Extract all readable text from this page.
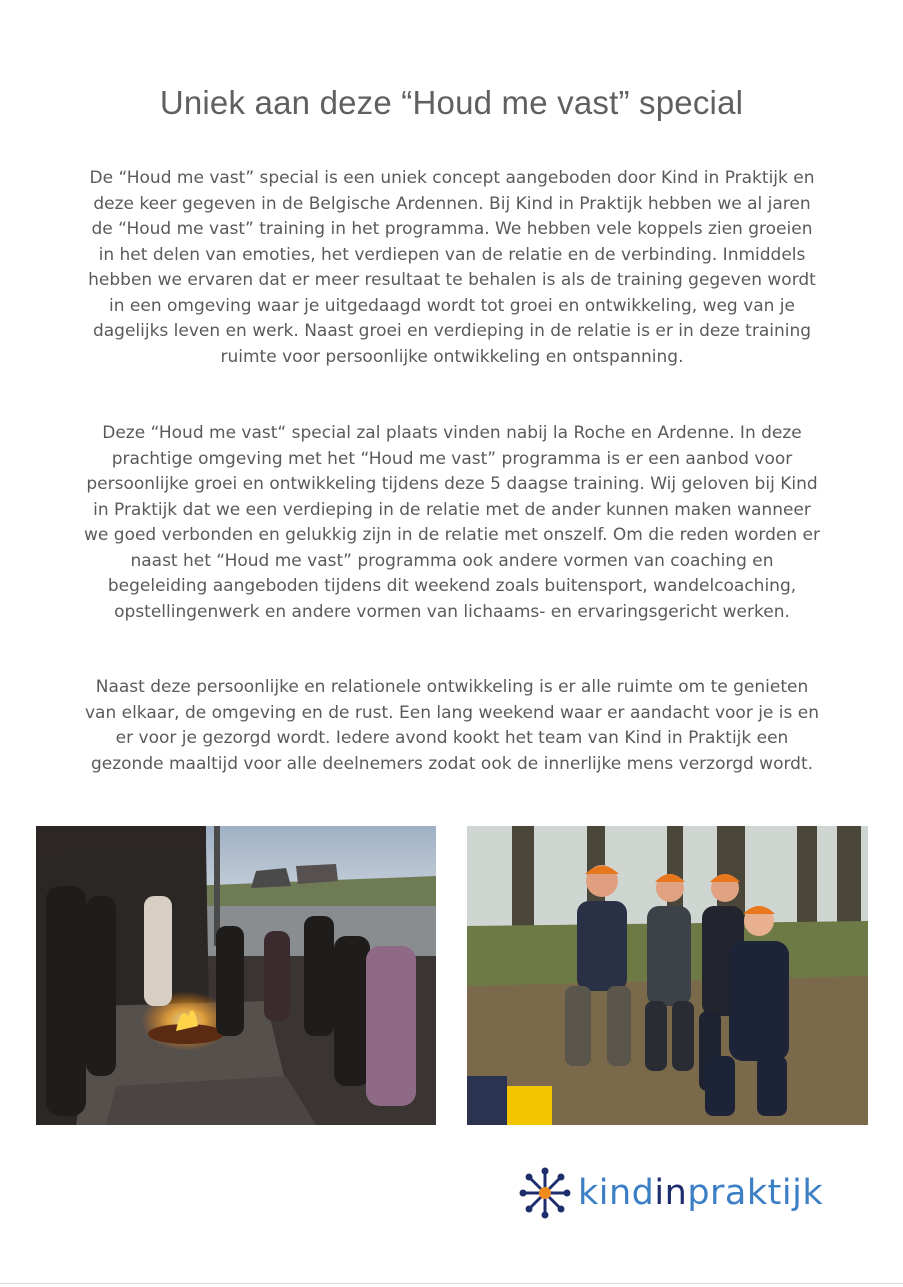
Uniek aan deze “Houd me vast” special

De “Houd me vast” special is een uniek concept aangeboden door Kind in Praktijk en deze keer gegeven in de Belgische Ardennen. Bij Kind in Praktijk hebben we al jaren de “Houd me vast” training in het programma. We hebben vele koppels zien groeien in het delen van emoties, het verdiepen van de relatie en de verbinding. Inmiddels hebben we ervaren dat er meer resultaat te behalen is als de training gegeven wordt in een omgeving waar je uitgedaagd wordt tot groei en ontwikkeling, weg van je dagelijks leven en werk. Naast groei en verdieping in de relatie is er in deze training ruimte voor persoonlijke ontwikkeling en ontspanning.

Deze “Houd me vast“ special zal plaats vinden nabij la Roche en Ardenne. In deze prachtige omgeving met het “Houd me vast” programma is er een aanbod voor persoonlijke groei en ontwikkeling tijdens deze 5 daagse training. Wij geloven bij Kind in Praktijk dat we een verdieping in de relatie met de ander kunnen maken wanneer we goed verbonden en gelukkig zijn in de relatie met onszelf. Om die reden worden er naast het “Houd me vast” programma ook andere vormen van coaching en begeleiding aangeboden tijdens dit weekend zoals buitensport, wandelcoaching, opstellingenwerk en andere vormen van lichaams- en ervaringsgericht werken.

Naast deze persoonlijke en relationele ontwikkeling is er alle ruimte om te genieten van elkaar, de omgeving en de rust. Een lang weekend waar er aandacht voor je is en er voor je gezorgd wordt. Iedere avond kookt het team van Kind in Praktijk een gezonde maaltijd voor alle deelnemers zodat ook de innerlijke mens verzorgd wordt.

kindinpraktijk
